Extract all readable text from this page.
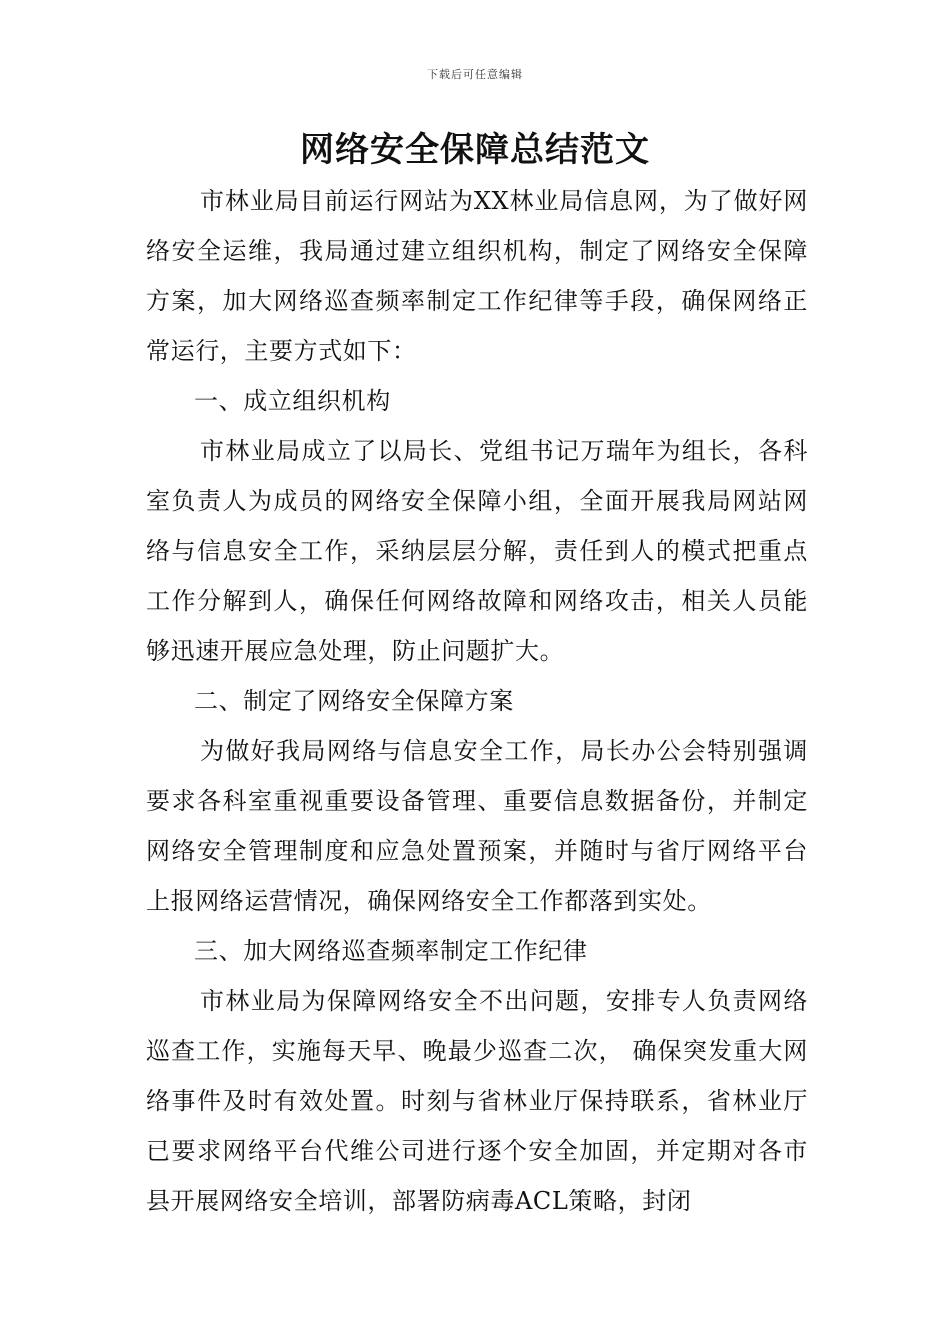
下载后可任意编辑
网络安全保障总结范文

市林业局目前运行网站为XX林业局信息网，为了做好网络安全运维，我局通过建立组织机构，制定了网络安全保障方案，加大网络巡查频率制定工作纪律等手段，确保网络正常运行，主要方式如下：

一、成立组织机构

市林业局成立了以局长、党组书记万瑞年为组长，各科室负责人为成员的网络安全保障小组，全面开展我局网站网络与信息安全工作，采纳层层分解，责任到人的模式把重点工作分解到人，确保任何网络故障和网络攻击，相关人员能够迅速开展应急处理，防止问题扩大。

二、制定了网络安全保障方案

为做好我局网络与信息安全工作，局长办公会特别强调要求各科室重视重要设备管理、重要信息数据备份，并制定网络安全管理制度和应急处置预案，并随时与省厅网络平台上报网络运营情况，确保网络安全工作都落到实处。

三、加大网络巡查频率制定工作纪律

市林业局为保障网络安全不出问题，安排专人负责网络巡查工作，实施每天早、晚最少巡查二次， 确保突发重大网络事件及时有效处置。时刻与省林业厅保持联系，省林业厅已要求网络平台代维公司进行逐个安全加固，并定期对各市县开展网络安全培训，部署防病毒ACL策略，封闭
